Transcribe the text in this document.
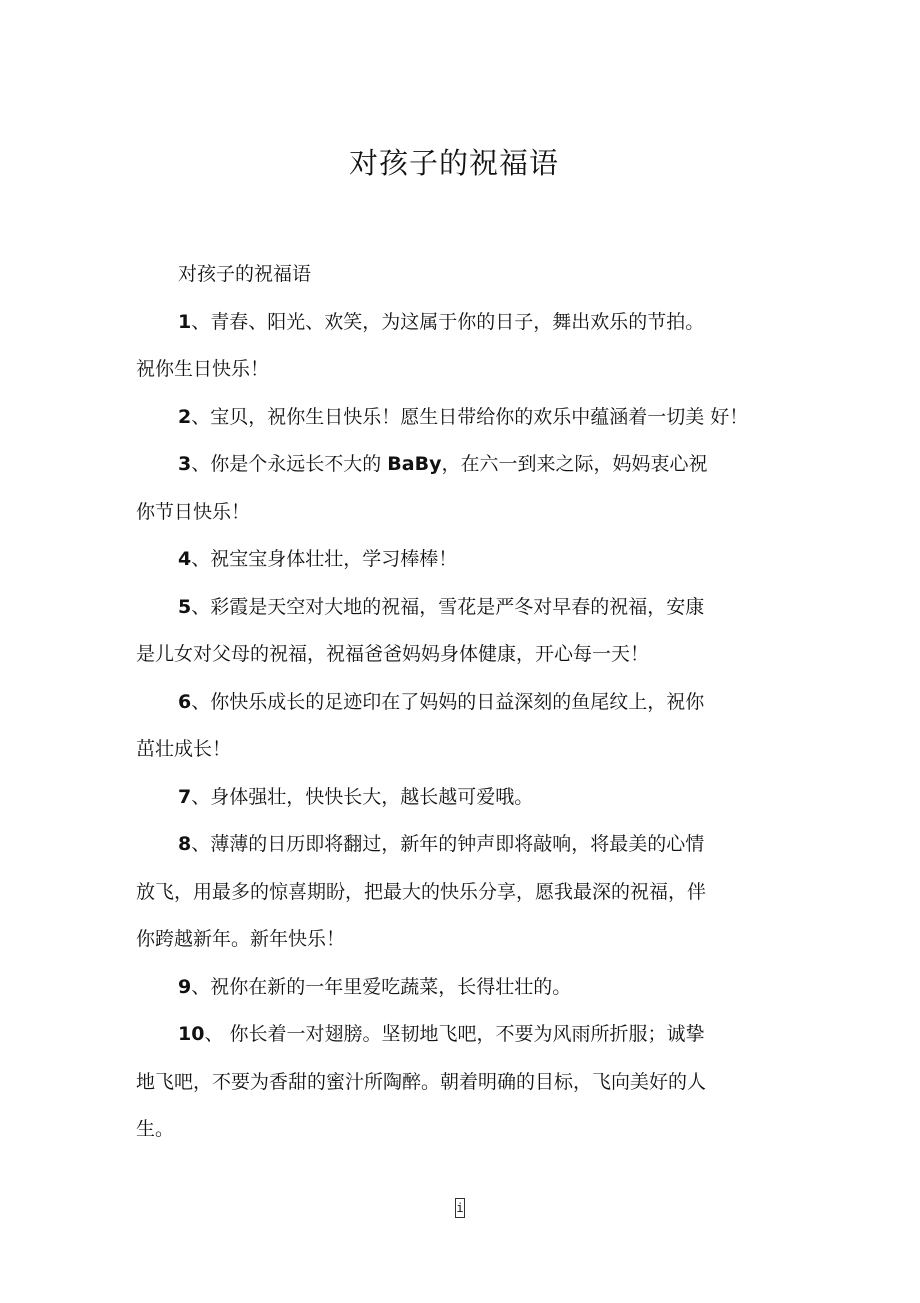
对孩子的祝福语

对孩子的祝福语

1、青春、阳光、欢笑，为这属于你的日子，舞出欢乐的节拍。

祝你生日快乐！

2、宝贝，祝你生日快乐！愿生日带给你的欢乐中蕴涵着一切美 好！

3、你是个永远长不大的 BaBy，在六一到来之际，妈妈衷心祝

你节日快乐！

4、祝宝宝身体壮壮，学习棒棒！

5、彩霞是天空对大地的祝福，雪花是严冬对早春的祝福，安康

是儿女对父母的祝福，祝福爸爸妈妈身体健康，开心每一天！

6、你快乐成长的足迹印在了妈妈的日益深刻的鱼尾纹上，祝你

茁壮成长！

7、身体强壮，快快长大，越长越可爱哦。

8、薄薄的日历即将翻过，新年的钟声即将敲响，将最美的心情

放飞，用最多的惊喜期盼，把最大的快乐分享，愿我最深的祝福，伴

你跨越新年。新年快乐！

9、祝你在新的一年里爱吃蔬菜，长得壮壮的。

10、 你长着一对翅膀。坚韧地飞吧，不要为风雨所折服；诚挚

地飞吧，不要为香甜的蜜汁所陶醉。朝着明确的目标，飞向美好的人

生。

i
